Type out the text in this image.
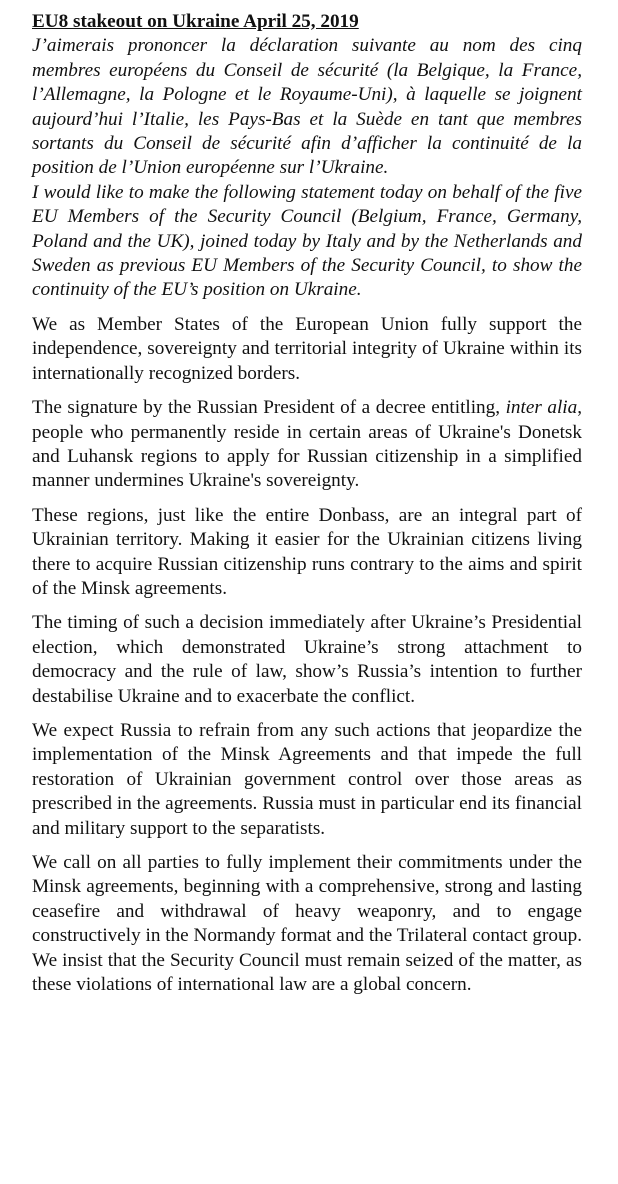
EU8 stakeout on Ukraine April 25, 2019

J’aimerais prononcer la déclaration suivante au nom des cinq membres européens du Conseil de sécurité (la Belgique, la France, l’Allemagne, la Pologne et le Royaume-Uni), à laquelle se joignent aujourd’hui l’Italie, les Pays-Bas et la Suède en tant que membres sortants du Conseil de sécurité afin d’afficher la continuité de la position de l’Union européenne sur l’Ukraine.

I would like to make the following statement today on behalf of the five EU Members of the Security Council (Belgium, France, Germany, Poland and the UK), joined today by Italy and by the Netherlands and Sweden as previous EU Members of the Security Council, to show the continuity of the EU’s position on Ukraine.

We as Member States of the European Union fully support the independence, sovereignty and territorial integrity of Ukraine within its internationally recognized borders.

The signature by the Russian President of a decree entitling, inter alia, people who permanently reside in certain areas of Ukraine's Donetsk and Luhansk regions to apply for Russian citizenship in a simplified manner undermines Ukraine's sovereignty.

These regions, just like the entire Donbass, are an integral part of Ukrainian territory. Making it easier for the Ukrainian citizens living there to acquire Russian citizenship runs contrary to the aims and spirit of the Minsk agreements.

The timing of such a decision immediately after Ukraine’s Presidential election, which demonstrated Ukraine’s strong attachment to democracy and the rule of law, show’s Russia’s intention to further destabilise Ukraine and to exacerbate the conflict.

We expect Russia to refrain from any such actions that jeopardize the implementation of the Minsk Agreements and that impede the full restoration of Ukrainian government control over those areas as prescribed in the agreements. Russia must in particular end its financial and military support to the separatists.

We call on all parties to fully implement their commitments under the Minsk agreements, beginning with a comprehensive, strong and lasting ceasefire and withdrawal of heavy weaponry, and to engage constructively in the Normandy format and the Trilateral contact group. We insist that the Security Council must remain seized of the matter, as these violations of international law are a global concern.
